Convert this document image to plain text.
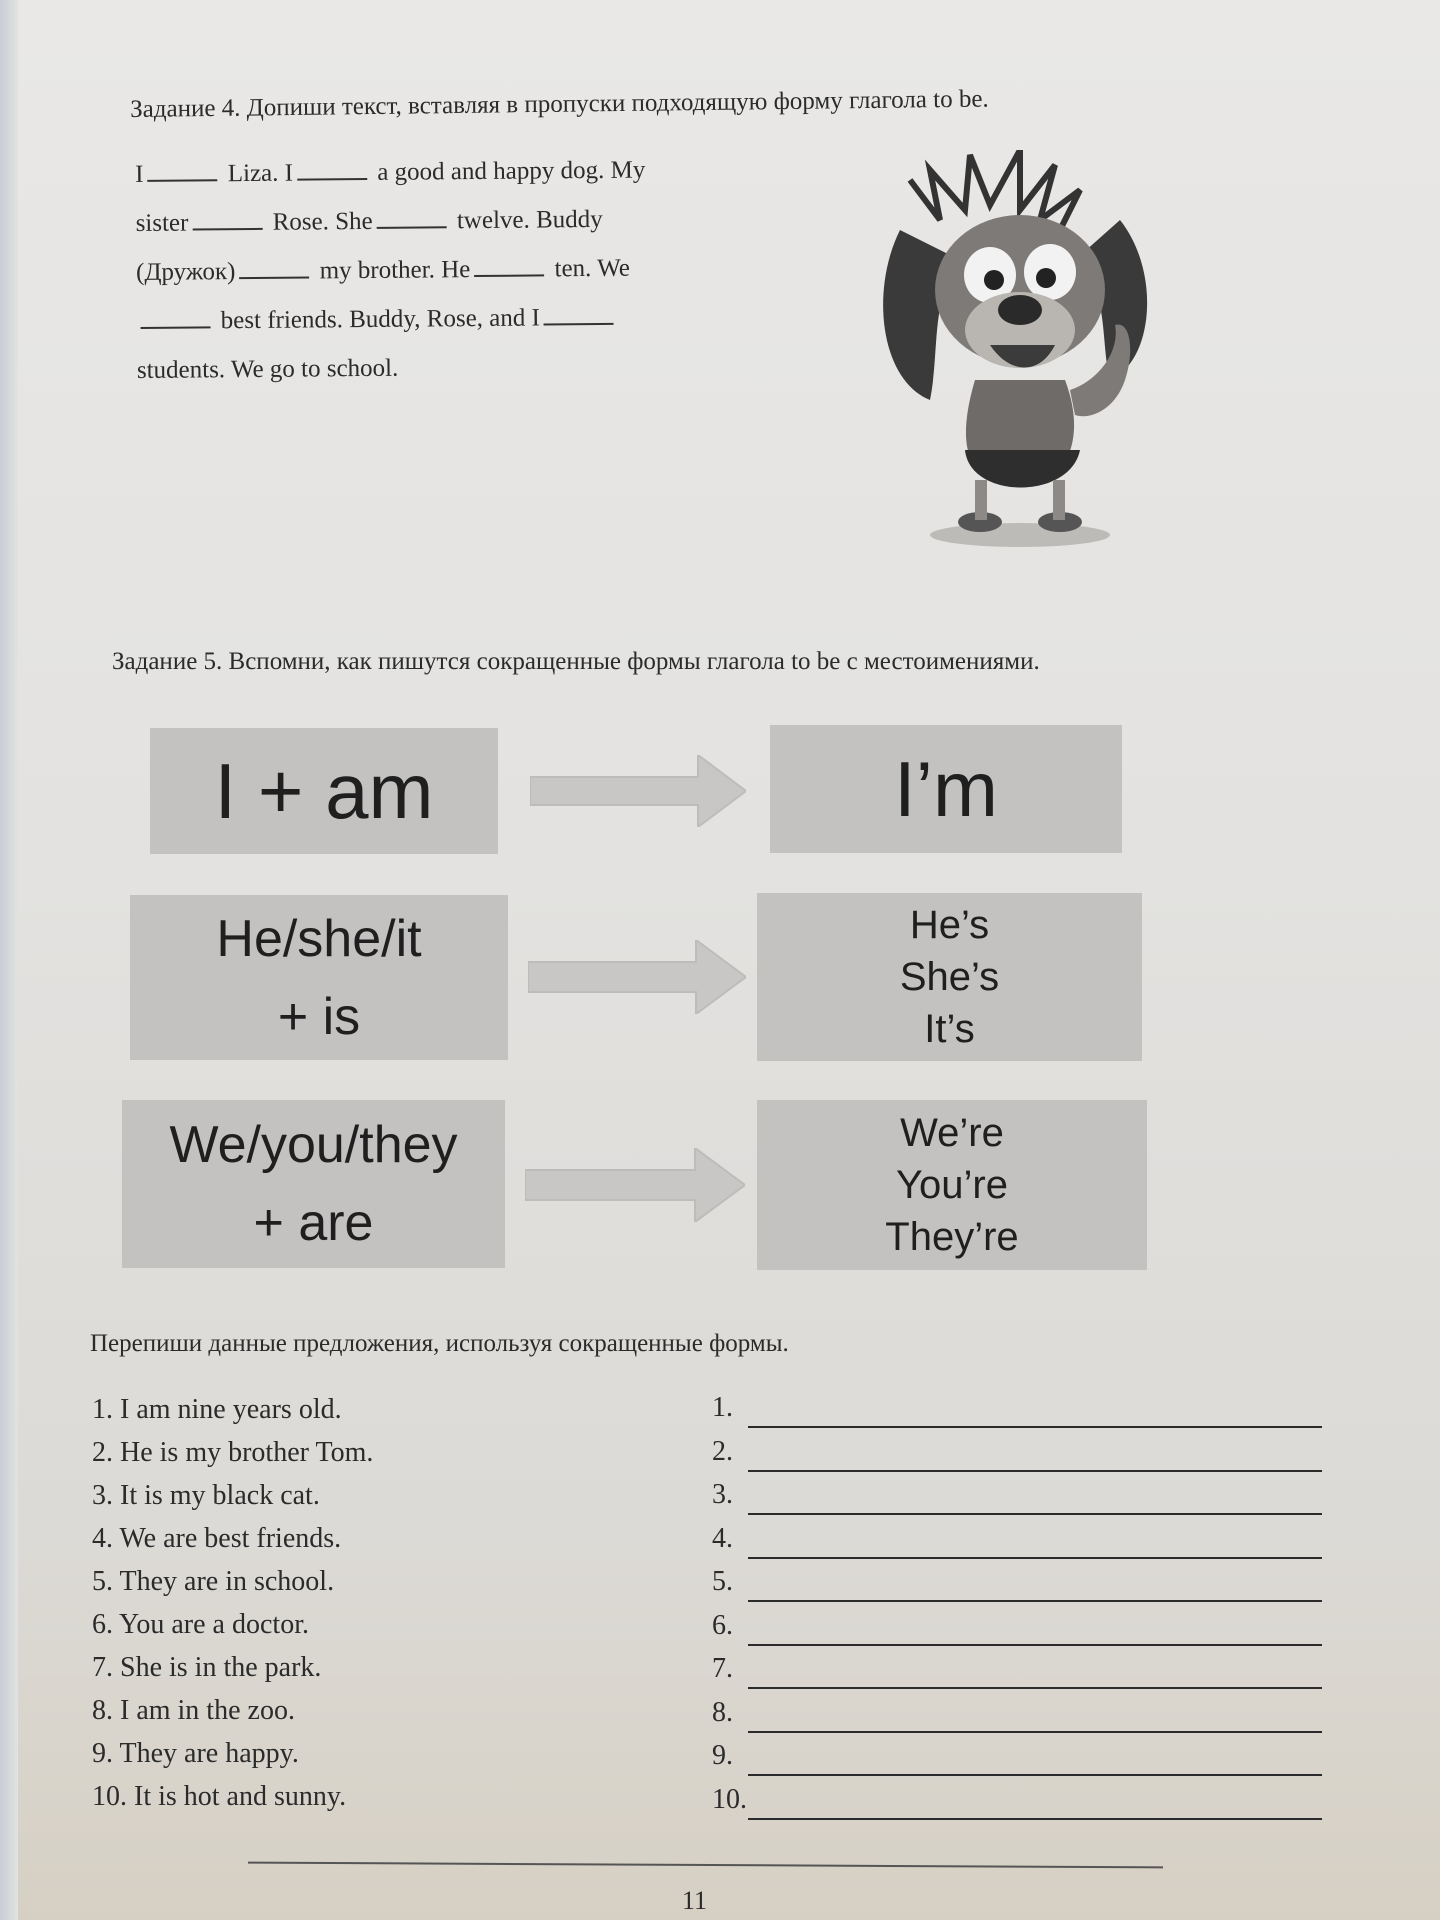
Задание 4. Допиши текст, вставляя в пропуски подходящую форму глагола to be.
I	Liza. I	a good and happy dog. My
sister	Rose. She	twelve. Buddy
(Дружок)	my brother. He	ten. We
best friends. Buddy, Rose, and I
students. We go to school.
Задание 5. Вспомни, как пишутся сокращенные формы глагола to be с местоимениями.
I + am	I’m
He/she/it
+ is
He’s
She’s
It’s
We/you/they
+ are
We’re
You’re
They’re
Перепиши данные предложения, используя сокращенные формы.
1. I am nine years old.
2. He is my brother Tom.
3. It is my black cat.
4. We are best friends.
5. They are in school.
6. You are a doctor.
7. She is in the park.
8. I am in the zoo.
9. They are happy.
10. It is hot and sunny.
1.
2.
3.
4.
5.
6.
7.
8.
9.
10.
11
